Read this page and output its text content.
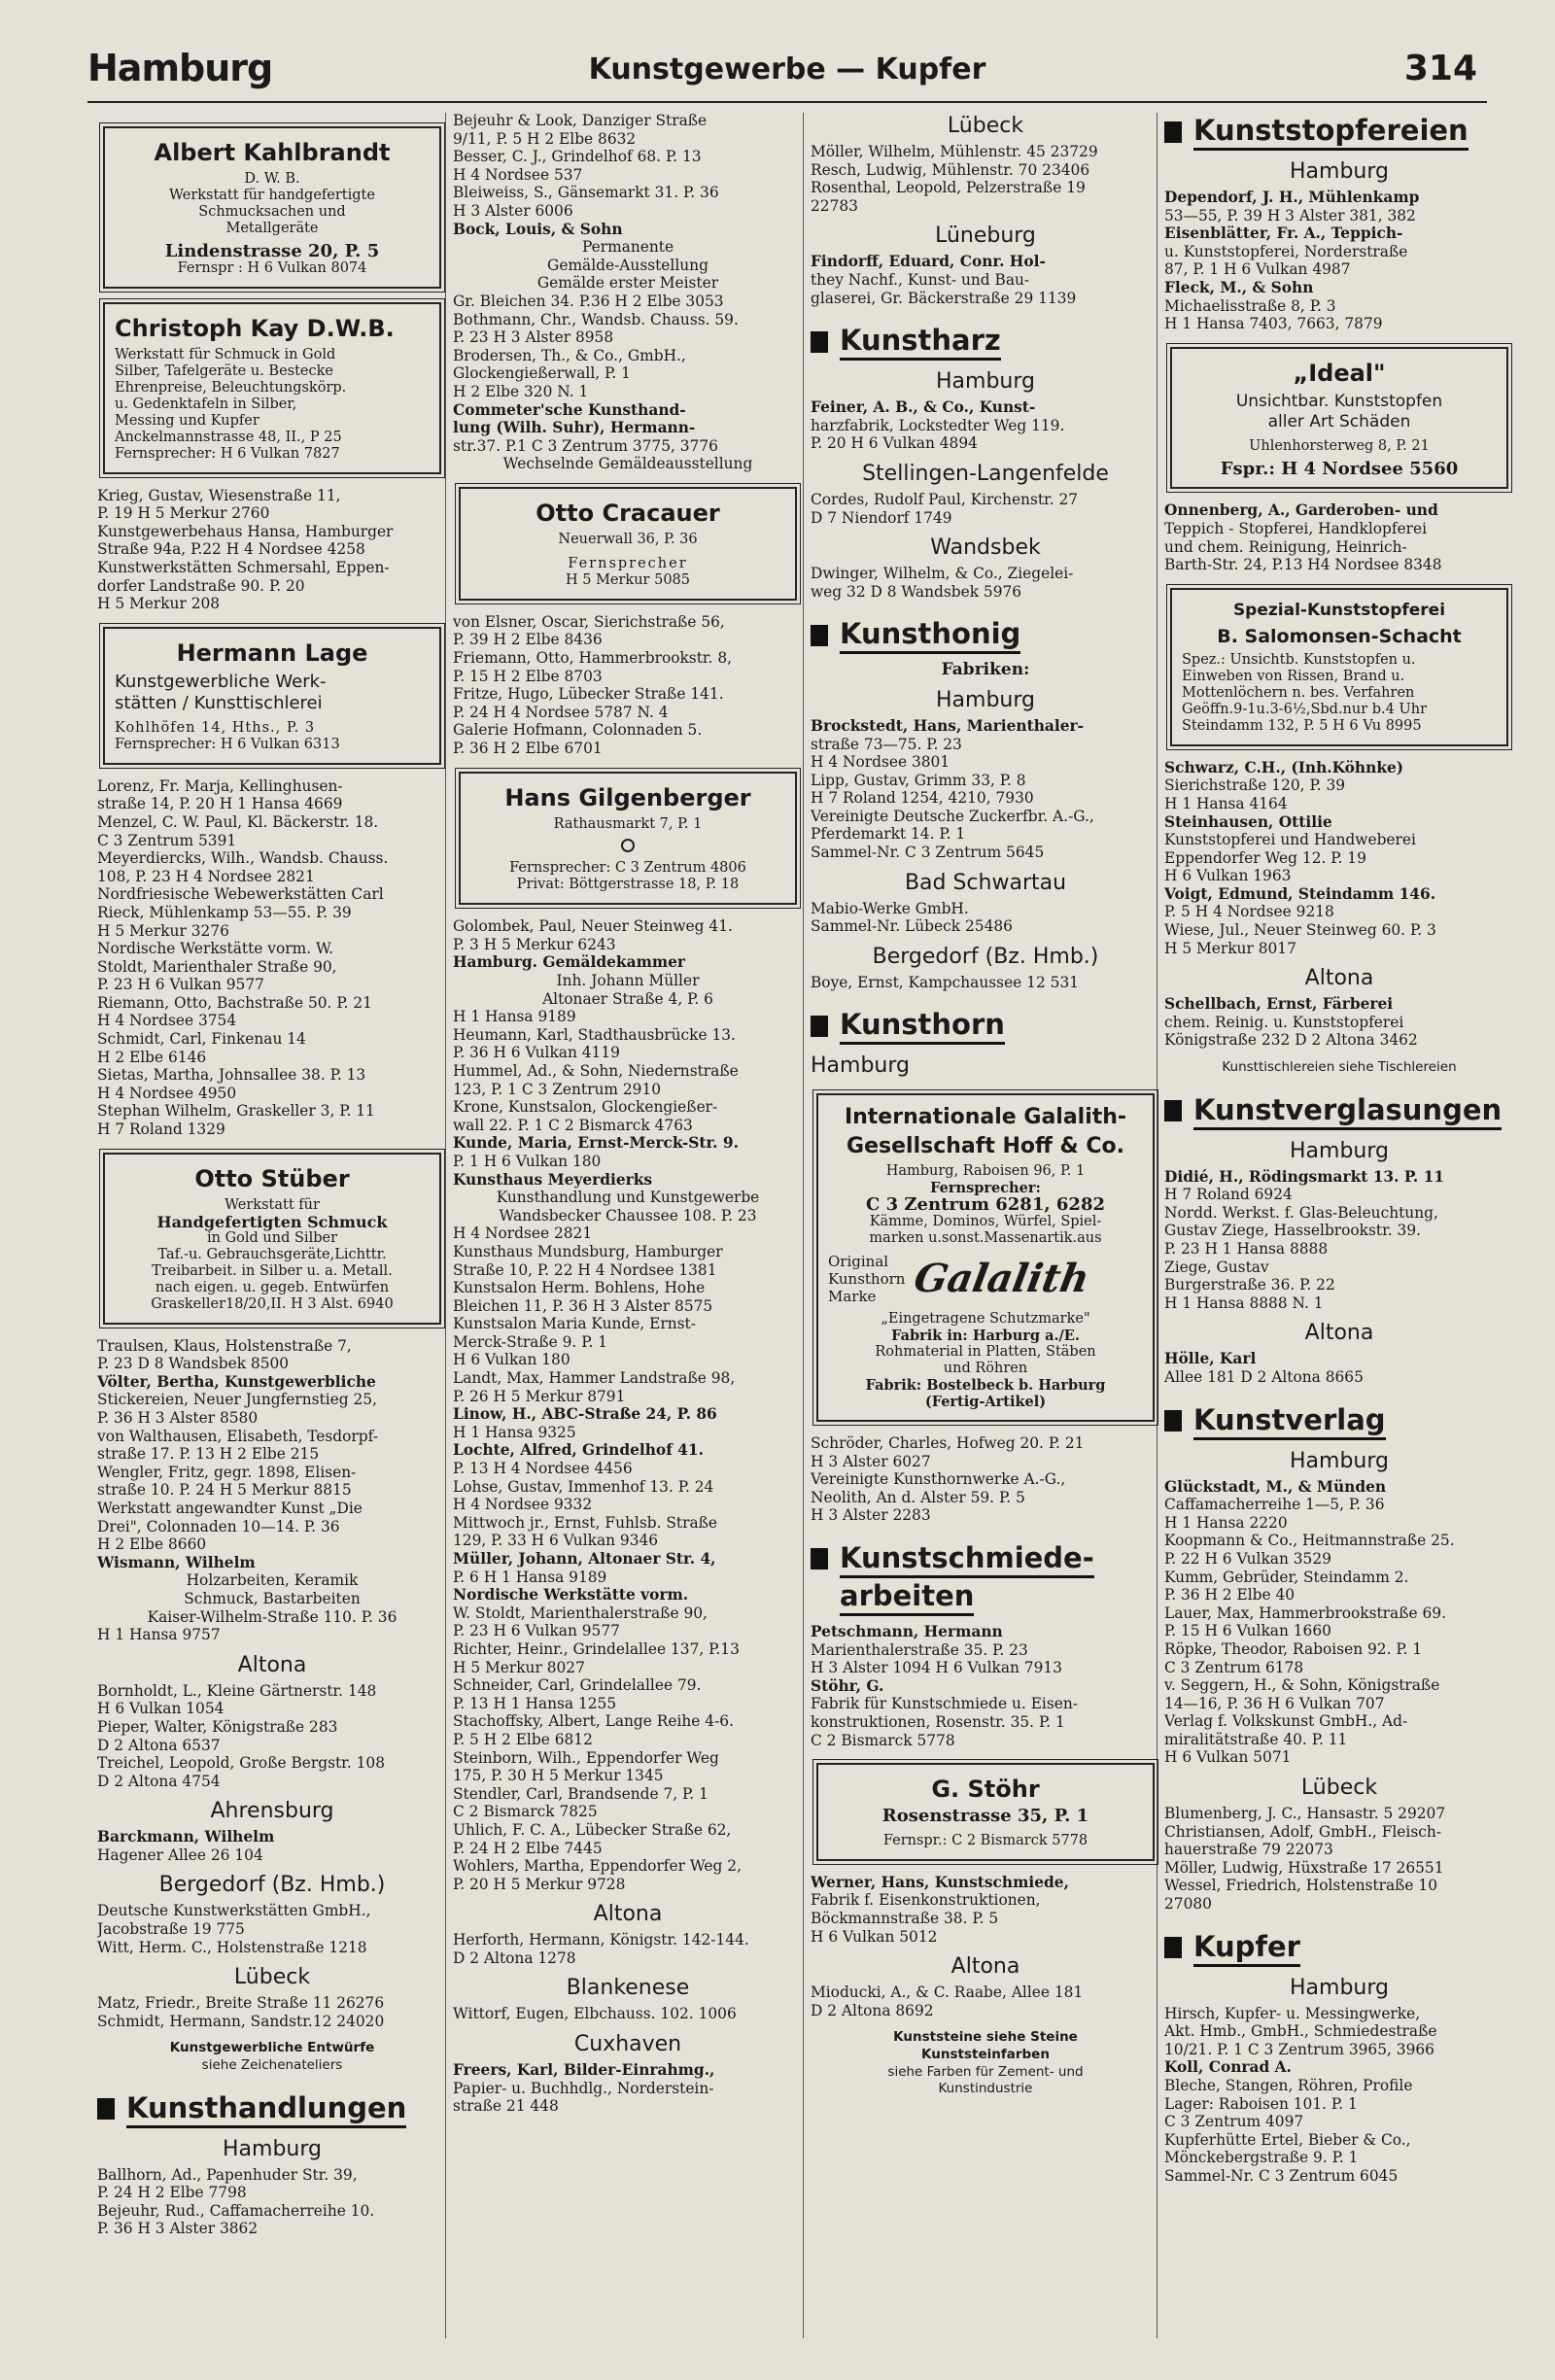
Hamburg	Kunstgewerbe — Kupfer	314
Albert Kahlbrandt
D. W. B.
Werkstatt für handgefertigte
Schmucksachen und
Metallgeräte
Lindenstrasse 20, P. 5
Fernspr : H 6 Vulkan 8074
Christoph Kay D.W.B.
Werkstatt für Schmuck in Gold
Silber, Tafelgeräte u. Bestecke
Ehrenpreise, Beleuchtungskörp.
u. Gedenktafeln in Silber,
Messing und Kupfer
Anckelmannstrasse 48, II., P 25
Fernsprecher: H 6 Vulkan 7827
Krieg, Gustav, Wiesenstraße 11,
P. 19 H 5 Merkur 2760
Kunstgewerbehaus Hansa, Hamburger
Straße 94a, P.22 H 4 Nordsee 4258
Kunstwerkstätten Schmersahl, Eppen-
dorfer Landstraße 90. P. 20
H 5 Merkur 208
Hermann Lage
Kunstgewerbliche Werk-
stätten / Kunsttischlerei
Kohlhöfen 14, Hths., P. 3
Fernsprecher: H 6 Vulkan 6313
Lorenz, Fr. Marja, Kellinghusen-
straße 14, P. 20 H 1 Hansa 4669
Menzel, C. W. Paul, Kl. Bäckerstr. 18.
C 3 Zentrum 5391
Meyerdiercks, Wilh., Wandsb. Chauss.
108, P. 23 H 4 Nordsee 2821
Nordfriesische Webewerkstätten Carl
Rieck, Mühlenkamp 53—55. P. 39
H 5 Merkur 3276
Nordische Werkstätte vorm. W.
Stoldt, Marienthaler Straße 90,
P. 23 H 6 Vulkan 9577
Riemann, Otto, Bachstraße 50. P. 21
H 4 Nordsee 3754
Schmidt, Carl, Finkenau 14
H 2 Elbe 6146
Sietas, Martha, Johnsallee 38. P. 13
H 4 Nordsee 4950
Stephan Wilhelm, Graskeller 3, P. 11
H 7 Roland 1329
Otto Stüber
Werkstatt für
Handgefertigten Schmuck
in Gold und Silber
Taf.-u. Gebrauchsgeräte,Lichttr.
Treibarbeit. in Silber u. a. Metall.
nach eigen. u. gegeb. Entwürfen
Graskeller18/20,II. H 3 Alst. 6940
Traulsen, Klaus, Holstenstraße 7,
P. 23 D 8 Wandsbek 8500
Völter, Bertha, Kunstgewerbliche
Stickereien, Neuer Jungfernstieg 25,
P. 36 H 3 Alster 8580
von Walthausen, Elisabeth, Tesdorpf-
straße 17. P. 13 H 2 Elbe 215
Wengler, Fritz, gegr. 1898, Elisen-
straße 10. P. 24 H 5 Merkur 8815
Werkstatt angewandter Kunst „Die
Drei", Colonnaden 10—14. P. 36
H 2 Elbe 8660
Wismann, Wilhelm
Holzarbeiten, Keramik
Schmuck, Bastarbeiten
Kaiser-Wilhelm-Straße 110. P. 36
H 1 Hansa 9757
Altona
Bornholdt, L., Kleine Gärtnerstr. 148
H 6 Vulkan 1054
Pieper, Walter, Königstraße 283
D 2 Altona 6537
Treichel, Leopold, Große Bergstr. 108
D 2 Altona 4754
Ahrensburg
Barckmann, Wilhelm
Hagener Allee 26 104
Bergedorf (Bz. Hmb.)
Deutsche Kunstwerkstätten GmbH.,
Jacobstraße 19 775
Witt, Herm. C., Holstenstraße 1218
Lübeck
Matz, Friedr., Breite Straße 11 26276
Schmidt, Hermann, Sandstr.12 24020
Kunstgewerbliche Entwürfe
siehe Zeichenateliers
Kunsthandlungen
Hamburg
Ballhorn, Ad., Papenhuder Str. 39,
P. 24 H 2 Elbe 7798
Bejeuhr, Rud., Caffamacherreihe 10.
P. 36 H 3 Alster 3862
Bejeuhr & Look, Danziger Straße
9/11, P. 5 H 2 Elbe 8632
Besser, C. J., Grindelhof 68. P. 13
H 4 Nordsee 537
Bleiweiss, S., Gänsemarkt 31. P. 36
H 3 Alster 6006
Bock, Louis, & Sohn
Permanente
Gemälde-Ausstellung
Gemälde erster Meister
Gr. Bleichen 34. P.36 H 2 Elbe 3053
Bothmann, Chr., Wandsb. Chauss. 59.
P. 23 H 3 Alster 8958
Brodersen, Th., & Co., GmbH.,
Glockengießerwall, P. 1
H 2 Elbe 320 N. 1
Commeter'sche Kunsthand-
lung (Wilh. Suhr), Hermann-
str.37. P.1 C 3 Zentrum 3775, 3776
Wechselnde Gemäldeausstellung
Otto Cracauer
Neuerwall 36, P. 36
Fernsprecher
H 5 Merkur 5085
von Elsner, Oscar, Sierichstraße 56,
P. 39 H 2 Elbe 8436
Friemann, Otto, Hammerbrookstr. 8,
P. 15 H 2 Elbe 8703
Fritze, Hugo, Lübecker Straße 141.
P. 24 H 4 Nordsee 5787 N. 4
Galerie Hofmann, Colonnaden 5.
P. 36 H 2 Elbe 6701
Hans Gilgenberger
Rathausmarkt 7, P. 1
Fernsprecher: C 3 Zentrum 4806
Privat: Böttgerstrasse 18, P. 18
Golombek, Paul, Neuer Steinweg 41.
P. 3 H 5 Merkur 6243
Hamburg. Gemäldekammer
Inh. Johann Müller
Altonaer Straße 4, P. 6
H 1 Hansa 9189
Heumann, Karl, Stadthausbrücke 13.
P. 36 H 6 Vulkan 4119
Hummel, Ad., & Sohn, Niedernstraße
123, P. 1 C 3 Zentrum 2910
Krone, Kunstsalon, Glockengießer-
wall 22. P. 1 C 2 Bismarck 4763
Kunde, Maria, Ernst-Merck-Str. 9.
P. 1 H 6 Vulkan 180
Kunsthaus Meyerdierks
Kunsthandlung und Kunstgewerbe
Wandsbecker Chaussee 108. P. 23
H 4 Nordsee 2821
Kunsthaus Mundsburg, Hamburger
Straße 10, P. 22 H 4 Nordsee 1381
Kunstsalon Herm. Bohlens, Hohe
Bleichen 11, P. 36 H 3 Alster 8575
Kunstsalon Maria Kunde, Ernst-
Merck-Straße 9. P. 1
H 6 Vulkan 180
Landt, Max, Hammer Landstraße 98,
P. 26 H 5 Merkur 8791
Linow, H., ABC-Straße 24, P. 86
H 1 Hansa 9325
Lochte, Alfred, Grindelhof 41.
P. 13 H 4 Nordsee 4456
Lohse, Gustav, Immenhof 13. P. 24
H 4 Nordsee 9332
Mittwoch jr., Ernst, Fuhlsb. Straße
129, P. 33 H 6 Vulkan 9346
Müller, Johann, Altonaer Str. 4,
P. 6 H 1 Hansa 9189
Nordische Werkstätte vorm.
W. Stoldt, Marienthalerstraße 90,
P. 23 H 6 Vulkan 9577
Richter, Heinr., Grindelallee 137, P.13
H 5 Merkur 8027
Schneider, Carl, Grindelallee 79.
P. 13 H 1 Hansa 1255
Stachoffsky, Albert, Lange Reihe 4-6.
P. 5 H 2 Elbe 6812
Steinborn, Wilh., Eppendorfer Weg
175, P. 30 H 5 Merkur 1345
Stendler, Carl, Brandsende 7, P. 1
C 2 Bismarck 7825
Uhlich, F. C. A., Lübecker Straße 62,
P. 24 H 2 Elbe 7445
Wohlers, Martha, Eppendorfer Weg 2,
P. 20 H 5 Merkur 9728
Altona
Herforth, Hermann, Königstr. 142-144.
D 2 Altona 1278
Blankenese
Wittorf, Eugen, Elbchauss. 102. 1006
Cuxhaven
Freers, Karl, Bilder-Einrahmg.,
Papier- u. Buchhdlg., Norderstein-
straße 21 448
Lübeck
Möller, Wilhelm, Mühlenstr. 45 23729
Resch, Ludwig, Mühlenstr. 70 23406
Rosenthal, Leopold, Pelzerstraße 19
22783
Lüneburg
Findorff, Eduard, Conr. Hol-
they Nachf., Kunst- und Bau-
glaserei, Gr. Bäckerstraße 29 1139
Kunstharz
Hamburg
Feiner, A. B., & Co., Kunst-
harzfabrik, Lockstedter Weg 119.
P. 20 H 6 Vulkan 4894
Stellingen-Langenfelde
Cordes, Rudolf Paul, Kirchenstr. 27
D 7 Niendorf 1749
Wandsbek
Dwinger, Wilhelm, & Co., Ziegelei-
weg 32 D 8 Wandsbek 5976
Kunsthonig
Fabriken:
Hamburg
Brockstedt, Hans, Marienthaler-
straße 73—75. P. 23
H 4 Nordsee 3801
Lipp, Gustav, Grimm 33, P. 8
H 7 Roland 1254, 4210, 7930
Vereinigte Deutsche Zuckerfbr. A.-G.,
Pferdemarkt 14. P. 1
Sammel-Nr. C 3 Zentrum 5645
Bad Schwartau
Mabio-Werke GmbH.
Sammel-Nr. Lübeck 25486
Bergedorf (Bz. Hmb.)
Boye, Ernst, Kampchaussee 12 531
Kunsthorn
Hamburg
Internationale Galalith-
Gesellschaft Hoff & Co.
Hamburg, Raboisen 96, P. 1
Fernsprecher:
C 3 Zentrum 6281, 6282
Kämme, Dominos, Würfel, Spiel-
marken u.sonst.Massenartik.aus
Original
Kunsthorn
Marke Galalith
„Eingetragene Schutzmarke"
Fabrik in: Harburg a./E.
Rohmaterial in Platten, Stäben
und Röhren
Fabrik: Bostelbeck b. Harburg
(Fertig-Artikel)
Schröder, Charles, Hofweg 20. P. 21
H 3 Alster 6027
Vereinigte Kunsthornwerke A.-G.,
Neolith, An d. Alster 59. P. 5
H 3 Alster 2283
Kunstschmiede-
arbeiten
Petschmann, Hermann
Marienthalerstraße 35. P. 23
H 3 Alster 1094 H 6 Vulkan 7913
Stöhr, G.
Fabrik für Kunstschmiede u. Eisen-
konstruktionen, Rosenstr. 35. P. 1
C 2 Bismarck 5778
G. Stöhr
Rosenstrasse 35, P. 1
Fernspr.: C 2 Bismarck 5778
Werner, Hans, Kunstschmiede,
Fabrik f. Eisenkonstruktionen,
Böckmannstraße 38. P. 5
H 6 Vulkan 5012
Altona
Mioducki, A., & C. Raabe, Allee 181
D 2 Altona 8692
Kunststeine siehe Steine
Kunststeinfarben
siehe Farben für Zement- und
Kunstindustrie
Kunststopfereien
Hamburg
Dependorf, J. H., Mühlenkamp
53—55, P. 39 H 3 Alster 381, 382
Eisenblätter, Fr. A., Teppich-
u. Kunststopferei, Norderstraße
87, P. 1 H 6 Vulkan 4987
Fleck, M., & Sohn
Michaelisstraße 8, P. 3
H 1 Hansa 7403, 7663, 7879
„Ideal"
Unsichtbar. Kunststopfen
aller Art Schäden
Uhlenhorsterweg 8, P. 21
Fspr.: H 4 Nordsee 5560
Onnenberg, A., Garderoben- und
Teppich - Stopferei, Handklopferei
und chem. Reinigung, Heinrich-
Barth-Str. 24, P.13 H4 Nordsee 8348
Spezial-Kunststopferei
B. Salomonsen-Schacht
Spez.: Unsichtb. Kunststopfen u.
Einweben von Rissen, Brand u.
Mottenlöchern n. bes. Verfahren
Geöffn.9-1u.3-6½,Sbd.nur b.4 Uhr
Steindamm 132, P. 5 H 6 Vu 8995
Schwarz, C.H., (Inh.Köhnke)
Sierichstraße 120, P. 39
H 1 Hansa 4164
Steinhausen, Ottilie
Kunststopferei und Handweberei
Eppendorfer Weg 12. P. 19
H 6 Vulkan 1963
Voigt, Edmund, Steindamm 146.
P. 5 H 4 Nordsee 9218
Wiese, Jul., Neuer Steinweg 60. P. 3
H 5 Merkur 8017
Altona
Schellbach, Ernst, Färberei
chem. Reinig. u. Kunststopferei
Königstraße 232 D 2 Altona 3462
Kunsttischlereien siehe Tischlereien
Kunstverglasungen
Hamburg
Didié, H., Rödingsmarkt 13. P. 11
H 7 Roland 6924
Nordd. Werkst. f. Glas-Beleuchtung,
Gustav Ziege, Hasselbrookstr. 39.
P. 23 H 1 Hansa 8888
Ziege, Gustav
Burgerstraße 36. P. 22
H 1 Hansa 8888 N. 1
Altona
Hölle, Karl
Allee 181 D 2 Altona 8665
Kunstverlag
Hamburg
Glückstadt, M., & Münden
Caffamacherreihe 1—5, P. 36
H 1 Hansa 2220
Koopmann & Co., Heitmannstraße 25.
P. 22 H 6 Vulkan 3529
Kumm, Gebrüder, Steindamm 2.
P. 36 H 2 Elbe 40
Lauer, Max, Hammerbrookstraße 69.
P. 15 H 6 Vulkan 1660
Röpke, Theodor, Raboisen 92. P. 1
C 3 Zentrum 6178
v. Seggern, H., & Sohn, Königstraße
14—16, P. 36 H 6 Vulkan 707
Verlag f. Volkskunst GmbH., Ad-
miralitätstraße 40. P. 11
H 6 Vulkan 5071
Lübeck
Blumenberg, J. C., Hansastr. 5 29207
Christiansen, Adolf, GmbH., Fleisch-
hauerstraße 79 22073
Möller, Ludwig, Hüxstraße 17 26551
Wessel, Friedrich, Holstenstraße 10
27080
Kupfer
Hamburg
Hirsch, Kupfer- u. Messingwerke,
Akt. Hmb., GmbH., Schmiedestraße
10/21. P. 1 C 3 Zentrum 3965, 3966
Koll, Conrad A.
Bleche, Stangen, Röhren, Profile
Lager: Raboisen 101. P. 1
C 3 Zentrum 4097
Kupferhütte Ertel, Bieber & Co.,
Mönckebergstraße 9. P. 1
Sammel-Nr. C 3 Zentrum 6045
